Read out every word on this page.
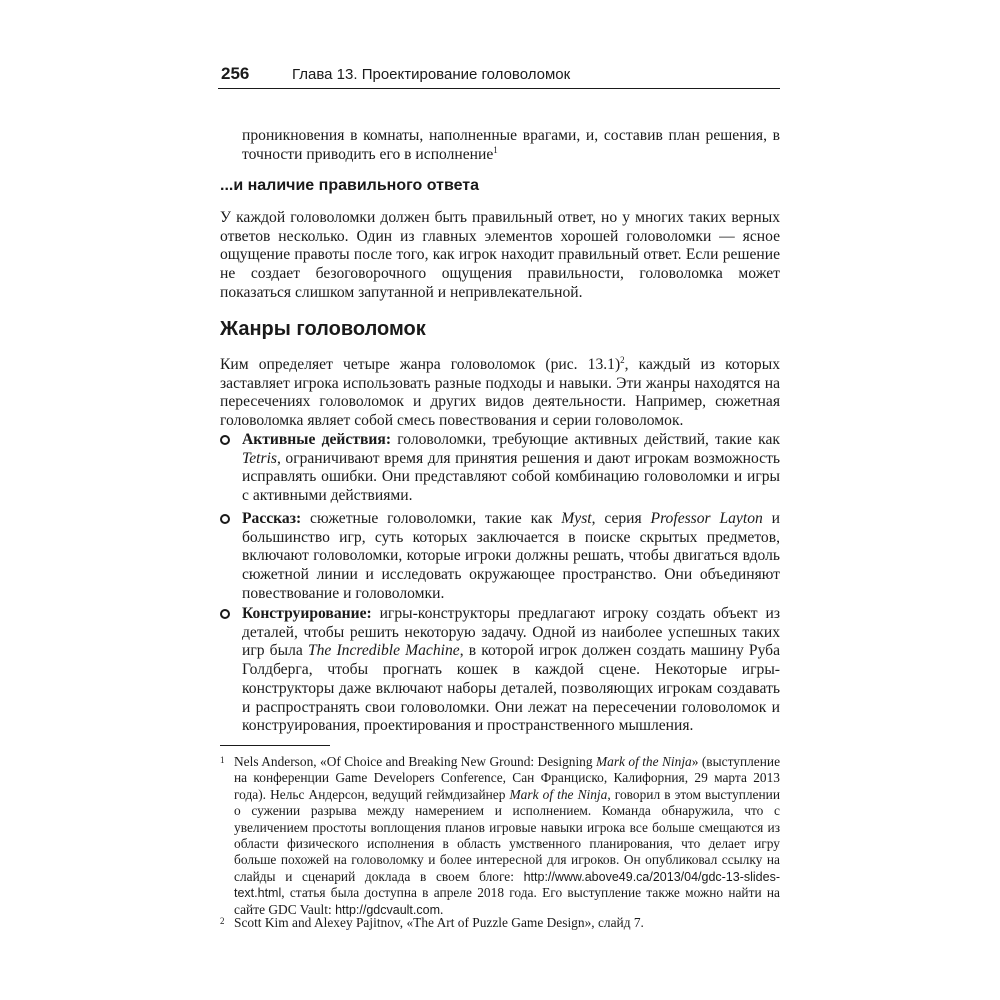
256	Глава 13. Проектирование головоломок
проникновения в комнаты, наполненные врагами, и, составив план решения, в точности приводить его в исполнение$^1$
...и наличие правильного ответа
У каждой головоломки должен быть правильный ответ, но у многих таких верных ответов несколько. Один из главных элементов хорошей головоломки — ясное ощущение правоты после того, как игрок находит правильный ответ. Если решение не создает безоговорочного ощущения правильности, головоломка может показаться слишком запутанной и непривлекательной.
Жанры головоломок
Ким определяет четыре жанра головоломок (рис. 13.1)$^2$, каждый из которых заставляет игрока использовать разные подходы и навыки. Эти жанры находятся на пересечениях головоломок и других видов деятельности. Например, сюжетная головоломка являет собой смесь повествования и серии головоломок.
Активные действия: головоломки, требующие активных действий, такие как Tetris, ограничивают время для принятия решения и дают игрокам возможность исправлять ошибки. Они представляют собой комбинацию головоломки и игры с активными действиями.
Рассказ: сюжетные головоломки, такие как Myst, серия Professor Layton и большинство игр, суть которых заключается в поиске скрытых предметов, включают головоломки, которые игроки должны решать, чтобы двигаться вдоль сюжетной линии и исследовать окружающее пространство. Они объединяют повествование и головоломки.
Конструирование: игры-конструкторы предлагают игроку создать объект из деталей, чтобы решить некоторую задачу. Одной из наиболее успешных таких игр была The Incredible Machine, в которой игрок должен создать машину Руба Голдберга, чтобы прогнать кошек в каждой сцене. Некоторые игры-конструкторы даже включают наборы деталей, позволяющих игрокам создавать и распространять свои головоломки. Они лежат на пересечении головоломок и конструирования, проектирования и пространственного мышления.
1 Nels Anderson, «Of Choice and Breaking New Ground: Designing Mark of the Ninja» (выступление на конференции Game Developers Conference, Сан Франциско, Калифорния, 29 марта 2013 года). Нельс Андерсон, ведущий геймдизайнер Mark of the Ninja, говорил в этом выступлении о сужении разрыва между намерением и исполнением. Команда обнаружила, что с увеличением простоты воплощения планов игровые навыки игрока все больше смещаются из области физического исполнения в область умственного планирования, что делает игру больше похожей на головоломку и более интересной для игроков. Он опубликовал ссылку на слайды и сценарий доклада в своем блоге: http://www.above49.ca/2013/04/gdc-13-slides-text.html, статья была доступна в апреле 2018 года. Его выступление также можно найти на сайте GDC Vault: http://gdcvault.com.
2 Scott Kim and Alexey Pajitnov, «The Art of Puzzle Game Design», слайд 7.
